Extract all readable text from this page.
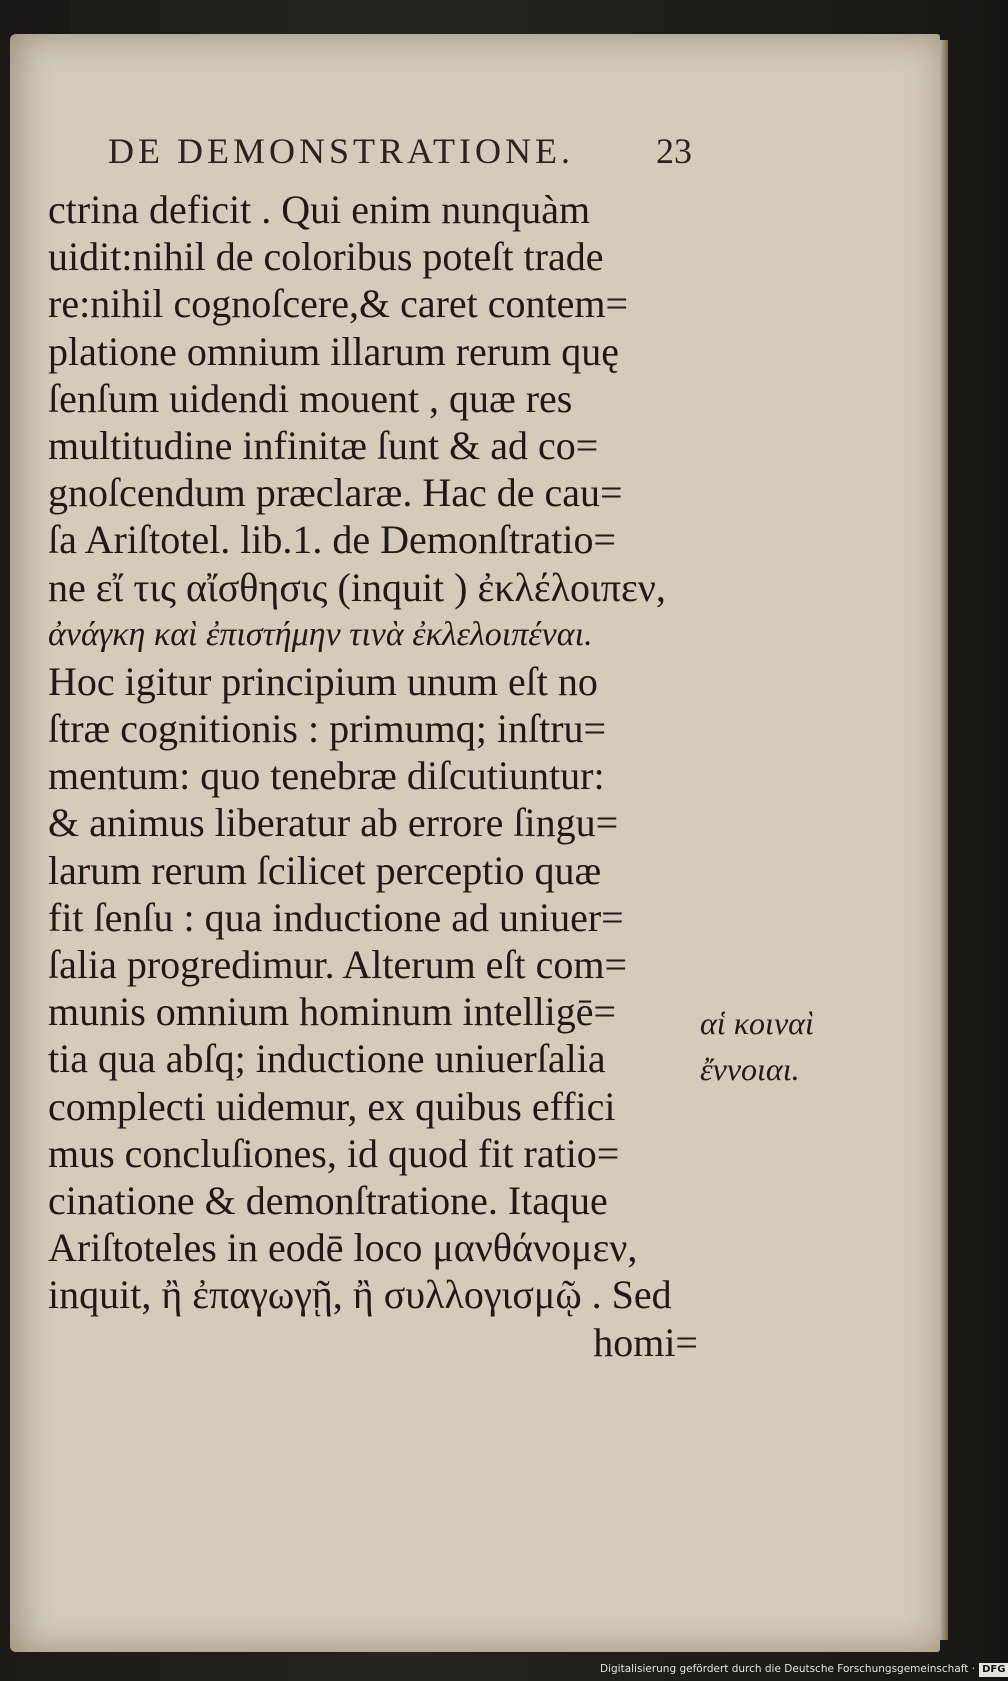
DE DEMONSTRATIONE. 23
ctrina deficit . Qui enim nunquàm
uidit:nihil de coloribus poteſt trade
re:nihil cognoſcere,& caret contem=
platione omnium illarum rerum quę
ſenſum uidendi mouent , quæ res
multitudine infinitæ ſunt & ad co=
gnoſcendum præclaræ. Hac de cau=
ſa Ariſtotel. lib.1. de Demonſtratio=
ne εἴ τις αἴσθησις (inquit ) ἐκλέλοιπεν,
ἀνάγκη καὶ ἐπιστήμην τινὰ ἐκλελοιπέναι.
Hoc igitur principium unum eſt no
ſtræ cognitionis : primumq; inſtru=
mentum: quo tenebræ diſcutiuntur:
& animus liberatur ab errore ſingu=
larum rerum ſcilicet perceptio quæ
fit ſenſu : qua inductione ad uniuer=
ſalia progredimur. Alterum eſt com=
munis omnium hominum intelligē=
tia qua abſq; inductione uniuerſalia
complecti uidemur, ex quibus effici
mus concluſiones, id quod fit ratio=
cinatione & demonſtratione. Itaque
Ariſtoteles in eodē loco μανθάνομεν,
inquit, ἢ ἐπαγωγῇ, ἢ συλλογισμῷ . Sed
homi=
αἱ κοιναὶ
ἔννοιαι.
Digitalisierung gefördert durch die Deutsche Forschungsgemeinschaft · DFG
